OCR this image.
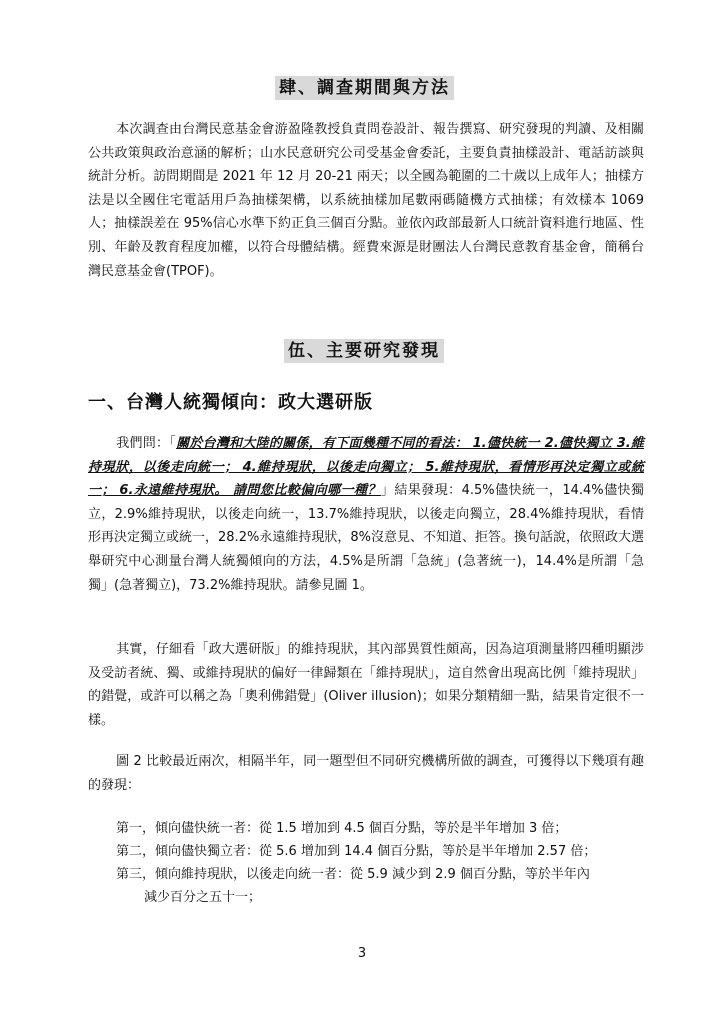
肆、調查期間與方法

本次調查由台灣民意基金會游盈隆教授負責問卷設計、報告撰寫、研究發現的判讀、及相關公共政策與政治意涵的解析；山水民意研究公司受基金會委託，主要負責抽樣設計、電話訪談與統計分析。訪問期間是 2021 年 12 月 20-21 兩天；以全國為範圍的二十歲以上成年人；抽樣方法是以全國住宅電話用戶為抽樣架構，以系統抽樣加尾數兩碼隨機方式抽樣；有效樣本 1069 人；抽樣誤差在 95%信心水準下約正負三個百分點。並依內政部最新人口統計資料進行地區、性別、年齡及教育程度加權，以符合母體結構。經費來源是財團法人台灣民意教育基金會，簡稱台灣民意基金會(TPOF)。

伍、主要研究發現
一、台灣人統獨傾向：政大選研版

我們問：「關於台灣和大陸的關係，有下面幾種不同的看法： 1.儘快統一 2.儘快獨立 3.維持現狀，以後走向統一； 4.維持現狀，以後走向獨立； 5.維持現狀，看情形再決定獨立或統一； 6.永遠維持現狀。 請問您比較偏向哪一種？」結果發現：4.5%儘快統一，14.4%儘快獨立，2.9%維持現狀，以後走向統一，13.7%維持現狀，以後走向獨立，28.4%維持現狀，看情形再決定獨立或統一，28.2%永遠維持現狀，8%沒意見、不知道、拒答。換句話說，依照政大選舉研究中心測量台灣人統獨傾向的方法，4.5%是所謂「急統」(急著統一)，14.4%是所謂「急獨」(急著獨立)，73.2%維持現狀。請參見圖 1。

其實，仔細看「政大選研版」的維持現狀，其內部異質性頗高，因為這項測量將四種明顯涉及受訪者統、獨、或維持現狀的偏好一律歸類在「維持現狀」，這自然會出現高比例「維持現狀」的錯覺，或許可以稱之為「奧利佛錯覺」(Oliver illusion)；如果分類精細一點，結果肯定很不一樣。

圖 2 比較最近兩次，相隔半年，同一題型但不同研究機構所做的調查，可獲得以下幾項有趣的發現：

第一，傾向儘快統一者：從 1.5 增加到 4.5 個百分點，等於是半年增加 3 倍；

第二，傾向儘快獨立者：從 5.6 增加到 14.4 個百分點，等於是半年增加 2.57 倍；

第三，傾向維持現狀，以後走向統一者：從 5.9 減少到 2.9 個百分點，等於半年內
減少百分之五十一；

3
